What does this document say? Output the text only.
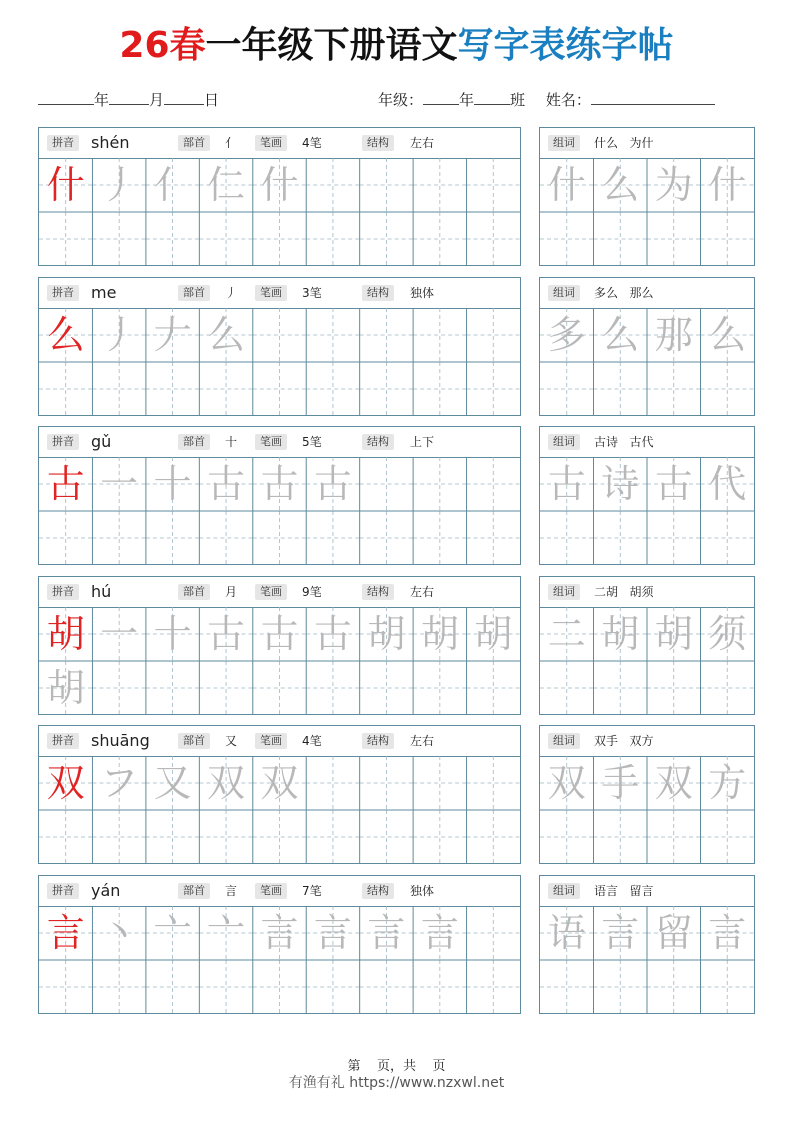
26春一年级下册语文写字表练字帖
年	月	日	年级： 年 班 姓名：
拼音	shén	部首	亻	笔画	4笔	结构	左右
什 丿 亻 仁 什
组词	什么   为什
什 么 为 什
拼音	me	部首	丿	笔画	3笔	结构	独体
么 丿 𠂇 么
组词	多么   那么
多 么 那 么
拼音	gǔ	部首	十	笔画	5笔	结构	上下
古 一 十 古 古 古
组词	古诗   古代
古 诗 古 代
拼音	hú	部首	月	笔画	9笔	结构	左右
胡 一 十 古 古 古 胡 胡 胡
胡
组词	二胡   胡须
二 胡 胡 须
拼音	shuāng	部首	又	笔画	4笔	结构	左右
双 フ 又 双 双
组词	双手   双方
双 手 双 方
拼音	yán	部首	言	笔画	7笔	结构	独体
言 丶 亠 亠 言 言 言 言
组词	语言   留言
语 言 留 言
第    页，共    页
有渔有礼 https://www.nzxwl.net
